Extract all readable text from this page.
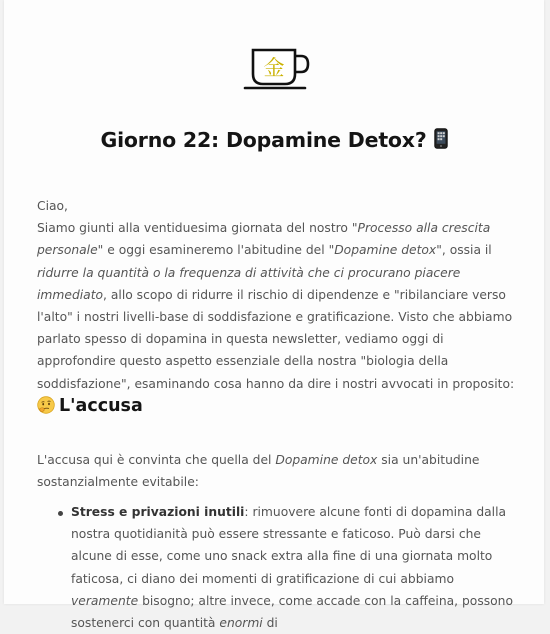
金
Giorno 22: Dopamine Detox?

Ciao,

Siamo giunti alla ventiduesima giornata del nostro "Processo alla crescita personale" e oggi esamineremo l'abitudine del "Dopamine detox", ossia il ridurre la quantità o la frequenza di attività che ci procurano piacere immediato, allo scopo di ridurre il rischio di dipendenze e "ribilanciare verso l'alto" i nostri livelli-base di soddisfazione e gratificazione. Visto che abbiamo parlato spesso di dopamina in questa newsletter, vediamo oggi di approfondire questo aspetto essenziale della nostra "biologia della soddisfazione", esaminando cosa hanno da dire i nostri avvocati in proposito:

L'accusa

L'accusa qui è convinta che quella del Dopamine detox sia un'abitudine sostanzialmente evitabile:

Stress e privazioni inutili: rimuovere alcune fonti di dopamina dalla nostra quotidianità può essere stressante e faticoso. Può darsi che alcune di esse, come uno snack extra alla fine di una giornata molto faticosa, ci diano dei momenti di gratificazione di cui abbiamo veramente bisogno; altre invece, come accade con la caffeina, possono sostenerci con quantità enormi di
